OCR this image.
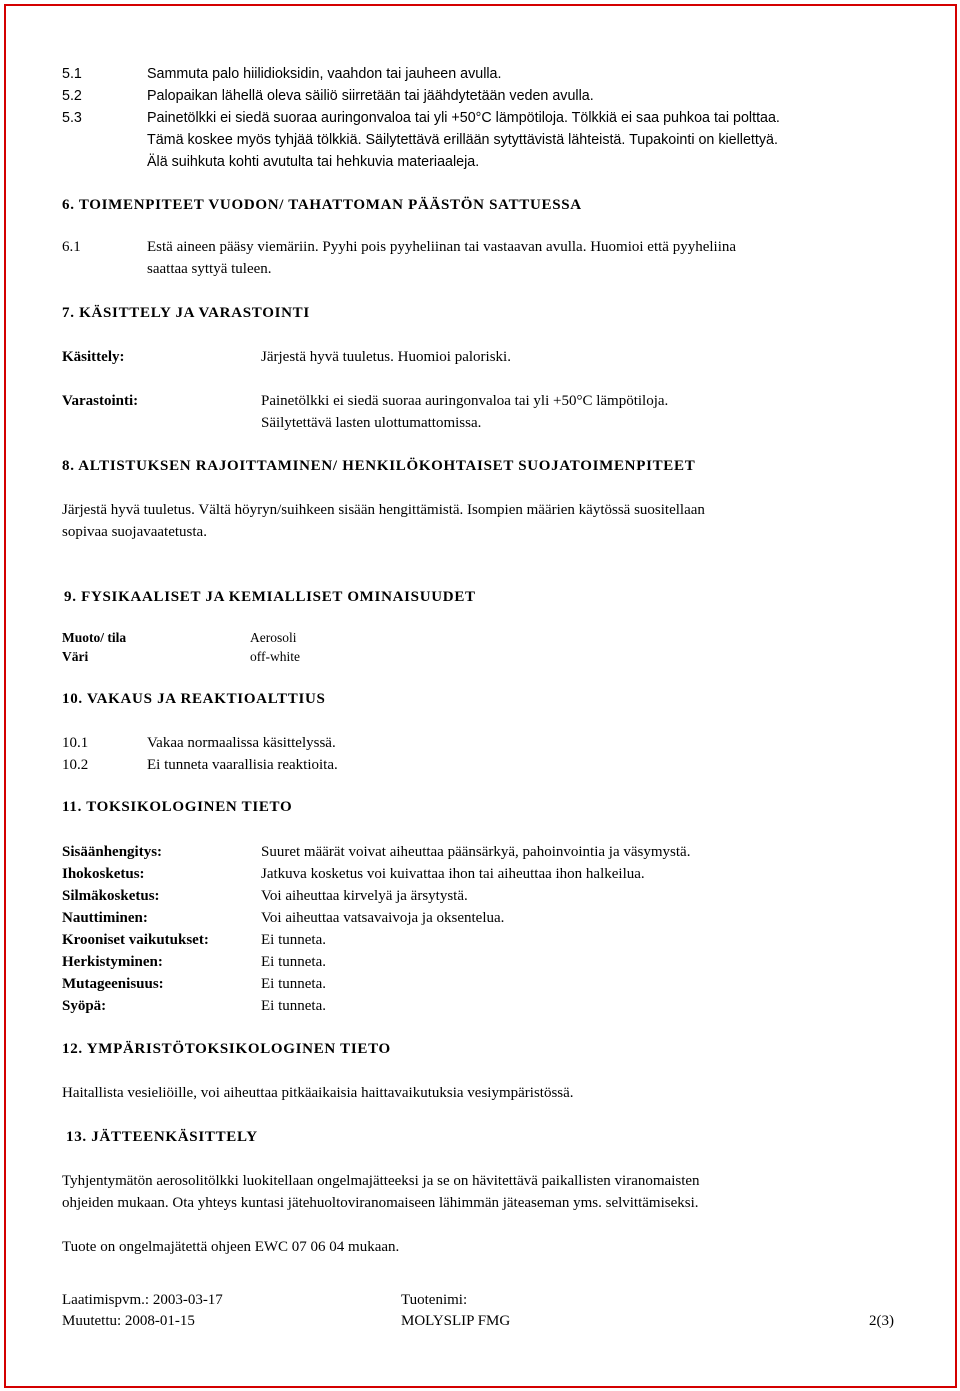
5.1	Sammuta palo hiilidioksidin, vaahdon tai jauheen avulla.
5.2	Palopaikan lähellä oleva säiliö siirretään tai jäähdytetään veden avulla.
5.3	Painetölkki ei siedä suoraa auringonvaloa tai yli +50°C lämpötiloja. Tölkkiä ei saa puhkoa tai polttaa.
Tämä koskee myös tyhjää tölkkiä. Säilytettävä erillään sytyttävistä lähteistä. Tupakointi on kiellettyä.
Älä suihkuta kohti avutulta tai hehkuvia materiaaleja.
6. TOIMENPITEET VUODON/ TAHATTOMAN PÄÄSTÖN SATTUESSA
6.1	Estä aineen pääsy viemäriin. Pyyhi pois pyyheliinan tai vastaavan avulla. Huomioi että pyyheliina
saattaa syttyä tuleen.
7. KÄSITTELY JA VARASTOINTI
Käsittely:	Järjestä hyvä tuuletus. Huomioi paloriski.
Varastointi:	Painetölkki ei siedä suoraa auringonvaloa tai yli +50°C lämpötiloja.
Säilytettävä lasten ulottumattomissa.
8. ALTISTUKSEN RAJOITTAMINEN/ HENKILÖKOHTAISET SUOJATOIMENPITEET
Järjestä hyvä tuuletus. Vältä höyryn/suihkeen sisään hengittämistä. Isompien määrien käytössä suositellaan
sopivaa suojavaatetusta.
9. FYSIKAALISET JA KEMIALLISET OMINAISUUDET
Muoto/ tila	Aerosoli
Väri	off-white
10. VAKAUS JA REAKTIOALTTIUS
10.1	Vakaa normaalissa käsittelyssä.
10.2	Ei tunneta vaarallisia reaktioita.
11. TOKSIKOLOGINEN TIETO
Sisäänhengitys:	Suuret määrät voivat aiheuttaa päänsärkyä, pahoinvointia ja väsymystä.
Ihokosketus:	Jatkuva kosketus voi kuivattaa ihon tai aiheuttaa ihon halkeilua.
Silmäkosketus:	Voi aiheuttaa kirvelyä ja ärsytystä.
Nauttiminen:	Voi aiheuttaa vatsavaivoja ja oksentelua.
Krooniset vaikutukset:	Ei tunneta.
Herkistyminen:	Ei tunneta.
Mutageenisuus:	Ei tunneta.
Syöpä:	Ei tunneta.
12. YMPÄRISTÖTOKSIKOLOGINEN TIETO
Haitallista vesieliöille, voi aiheuttaa pitkäaikaisia haittavaikutuksia vesiympäristössä.
13. JÄTTEENKÄSITTELY
Tyhjentymätön aerosolitölkki luokitellaan ongelmajätteeksi ja se on hävitettävä paikallisten viranomaisten
ohjeiden mukaan. Ota yhteys kuntasi jätehuoltoviranomaiseen lähimmän jäteaseman yms. selvittämiseksi.
Tuote on ongelmajätettä ohjeen EWC 07 06 04 mukaan.
Laatimispvm.: 2003-03-17
Muutettu: 2008-01-15
Tuotenimi:
MOLYSLIP FMG	2(3)
